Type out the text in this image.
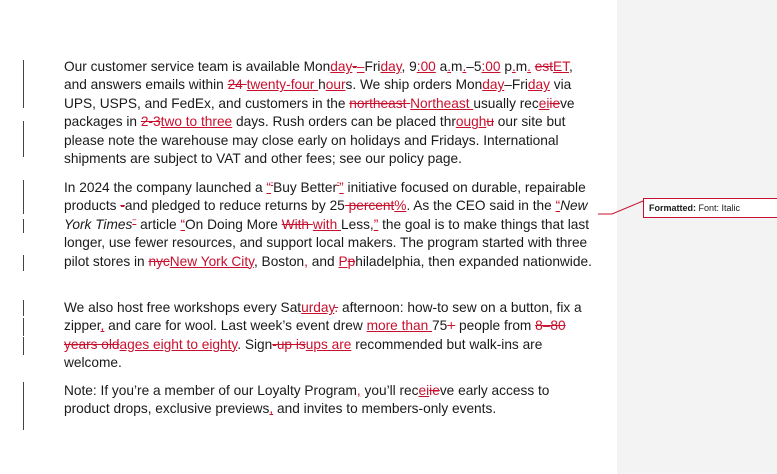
Our customer service team is available Monday-–Friday, 9:00 a.m.–5:00 p.m. estET, and answers emails within 24 twenty-four hours. We ship orders Monday–Friday via UPS, USPS, and FedEx, and customers in the northeast Northeast usually receiieve packages in 2-3two to three days. Rush orders can be placed throughu our site but please note the warehouse may close early on holidays and Fridays. International shipments are subject to VAT and other fees; see our policy page.

In 2024 the company launched a “"Buy Better"” initiative focused on durable, repairable products -and pledged to reduce returns by 25 percent%. As the CEO said in the “New York Times”” article “On Doing More With with Less,” the goal is to make things that last longer, use fewer resources, and support local makers. The program started with three pilot stores in nycNew York City, Boston, and Pphiladelphia, then expanded nationwide.

We also host free workshops every Saturday. afternoon: how-to sew on a button, fix a zipper, and care for wool. Last week’s event drew more than 75+ people from 8–80 years oldages eight to eighty. Sign-up isups are recommended but walk-ins are welcome.

Note: If you’re a member of our Loyalty Program, you’ll receiieve early access to product drops, exclusive previews, and invites to members-only events.

Formatted: Font: Italic
